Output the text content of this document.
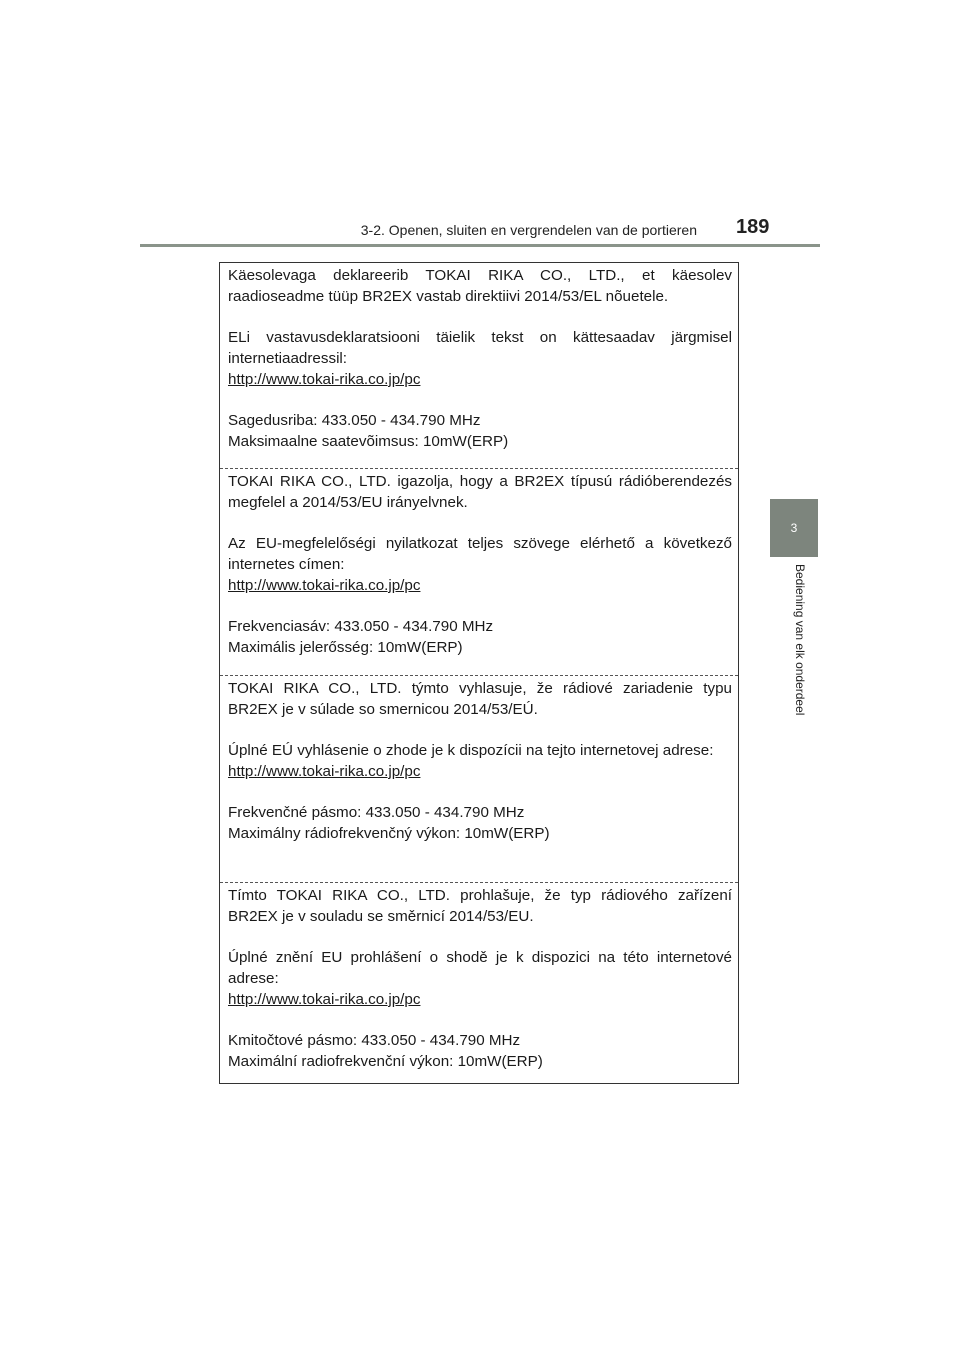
3-2. Openen, sluiten en vergrendelen van de portieren 189
3
Bediening van elk onderdeel

Käesolevaga deklareerib TOKAI RIKA CO., LTD., et käesolev raadioseadme tüüp BR2EX vastab direktiivi 2014/53/EL nõuetele.

ELi vastavusdeklaratsiooni täielik tekst on kättesaadav järgmisel internetiaadressil:

http://www.tokai-rika.co.jp/pc

Sagedusriba: 433.050 - 434.790 MHz

Maksimaalne saatevõimsus: 10mW(ERP)

TOKAI RIKA CO., LTD. igazolja, hogy a BR2EX típusú rádióberendezés megfelel a 2014/53/EU irányelvnek.

Az EU-megfelelőségi nyilatkozat teljes szövege elérhető a következő internetes címen:

http://www.tokai-rika.co.jp/pc

Frekvenciasáv: 433.050 - 434.790 MHz

Maximális jelerősség: 10mW(ERP)

TOKAI RIKA CO., LTD. týmto vyhlasuje, že rádiové zariadenie typu BR2EX je v súlade so smernicou 2014/53/EÚ.

Úplné EÚ vyhlásenie o zhode je k dispozícii na tejto internetovej adrese:

http://www.tokai-rika.co.jp/pc

Frekvenčné pásmo: 433.050 - 434.790 MHz

Maximálny rádiofrekvenčný výkon: 10mW(ERP)

Tímto TOKAI RIKA CO., LTD. prohlašuje, že typ rádiového zařízení BR2EX je v souladu se směrnicí 2014/53/EU.

Úplné znění EU prohlášení o shodě je k dispozici na této internetové adrese:

http://www.tokai-rika.co.jp/pc

Kmitočtové pásmo: 433.050 - 434.790 MHz

Maximální radiofrekvenční výkon: 10mW(ERP)
